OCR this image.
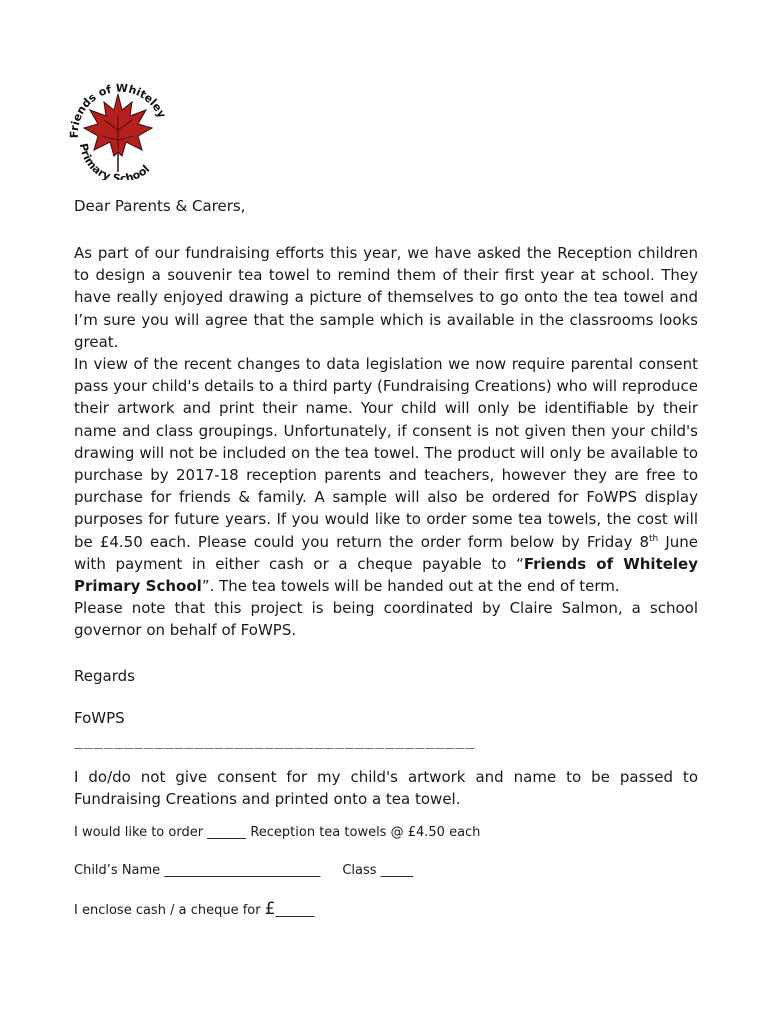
Friends of Whiteley
Primary School

Dear Parents & Carers,

As part of our fundraising efforts this year, we have asked the Reception children to design a souvenir tea towel to remind them of their first year at school. They have really enjoyed drawing a picture of themselves to go onto the tea towel and I’m sure you will agree that the sample which is available in the classrooms looks great.

In view of the recent changes to data legislation we now require parental consent pass your child's details to a third party (Fundraising Creations) who will reproduce their artwork and print their name. Your child will only be identifiable by their name and class groupings. Unfortunately, if consent is not given then your child's drawing will not be included on the tea towel. The product will only be available to purchase by 2017-18 reception parents and teachers, however they are free to purchase for friends & family. A sample will also be ordered for FoWPS display purposes for future years. If you would like to order some tea towels, the cost will be £4.50 each. Please could you return the order form below by Friday 8th June with payment in either cash or a cheque payable to “Friends of Whiteley Primary School”. The tea towels will be handed out at the end of term.

Please note that this project is being coordinated by Claire Salmon, a school governor on behalf of FoWPS.

Regards

FoWPS

________________________________________

I do/do not give consent for my child's artwork and name to be passed to Fundraising Creations and printed onto a tea towel.

I would like to order ______ Reception tea towels @ £4.50 each

Child’s Name ________________________ Class _____

I enclose cash / a cheque for £______
